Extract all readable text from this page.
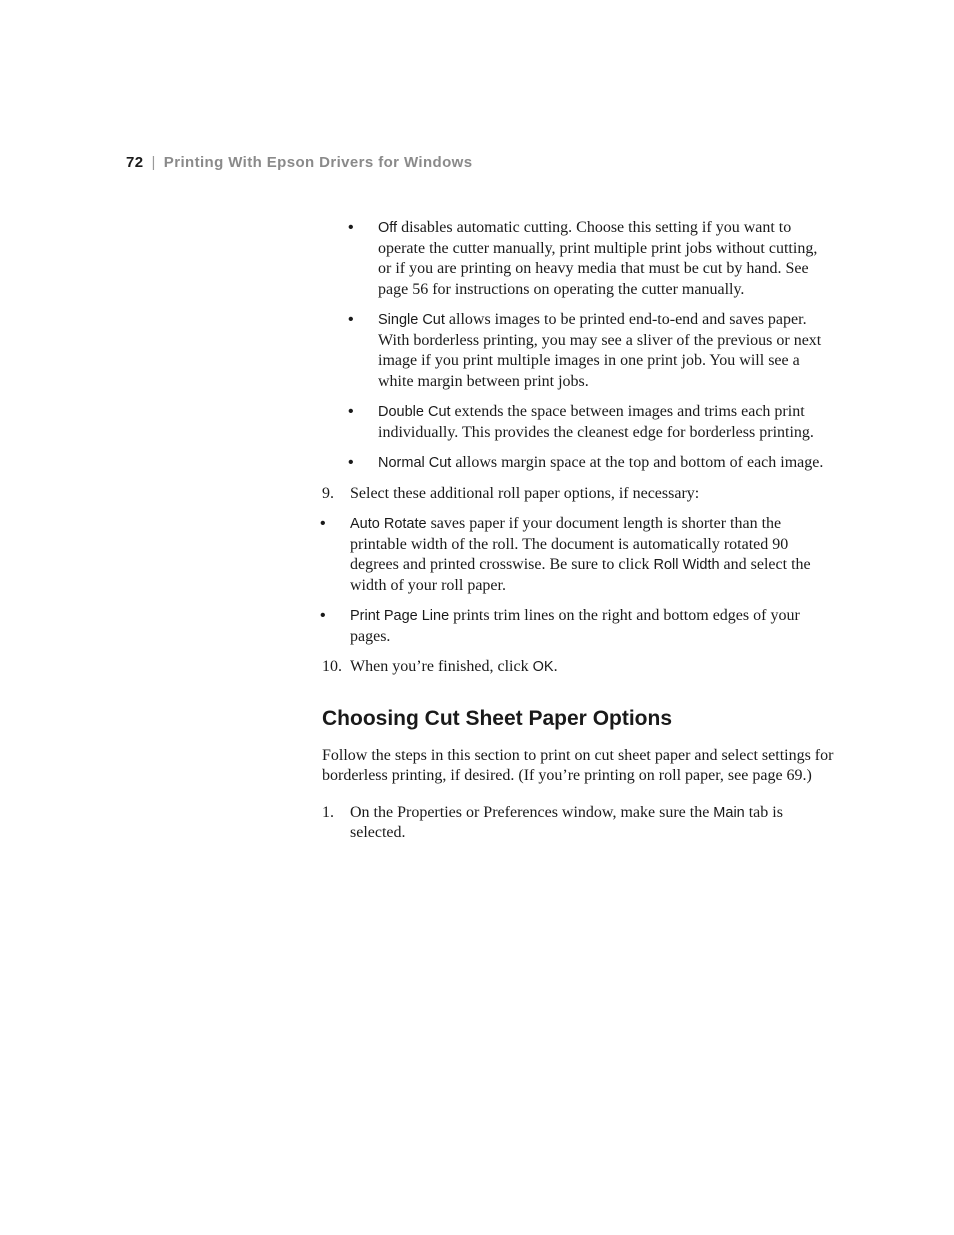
72 | Printing With Epson Drivers for Windows
• Off disables automatic cutting. Choose this setting if you want to operate the cutter manually, print multiple print jobs without cutting, or if you are printing on heavy media that must be cut by hand. See page 56 for instructions on operating the cutter manually.
• Single Cut allows images to be printed end-to-end and saves paper. With borderless printing, you may see a sliver of the previous or next image if you print multiple images in one print job. You will see a white margin between print jobs.
• Double Cut extends the space between images and trims each print individually. This provides the cleanest edge for borderless printing.
• Normal Cut allows margin space at the top and bottom of each image.
9. Select these additional roll paper options, if necessary:
• Auto Rotate saves paper if your document length is shorter than the printable width of the roll. The document is automatically rotated 90 degrees and printed crosswise. Be sure to click Roll Width and select the width of your roll paper.
• Print Page Line prints trim lines on the right and bottom edges of your pages.
10. When you’re finished, click OK.
Choosing Cut Sheet Paper Options

Follow the steps in this section to print on cut sheet paper and select settings for borderless printing, if desired. (If you’re printing on roll paper, see page 69.)

1. On the Properties or Preferences window, make sure the Main tab is selected.
